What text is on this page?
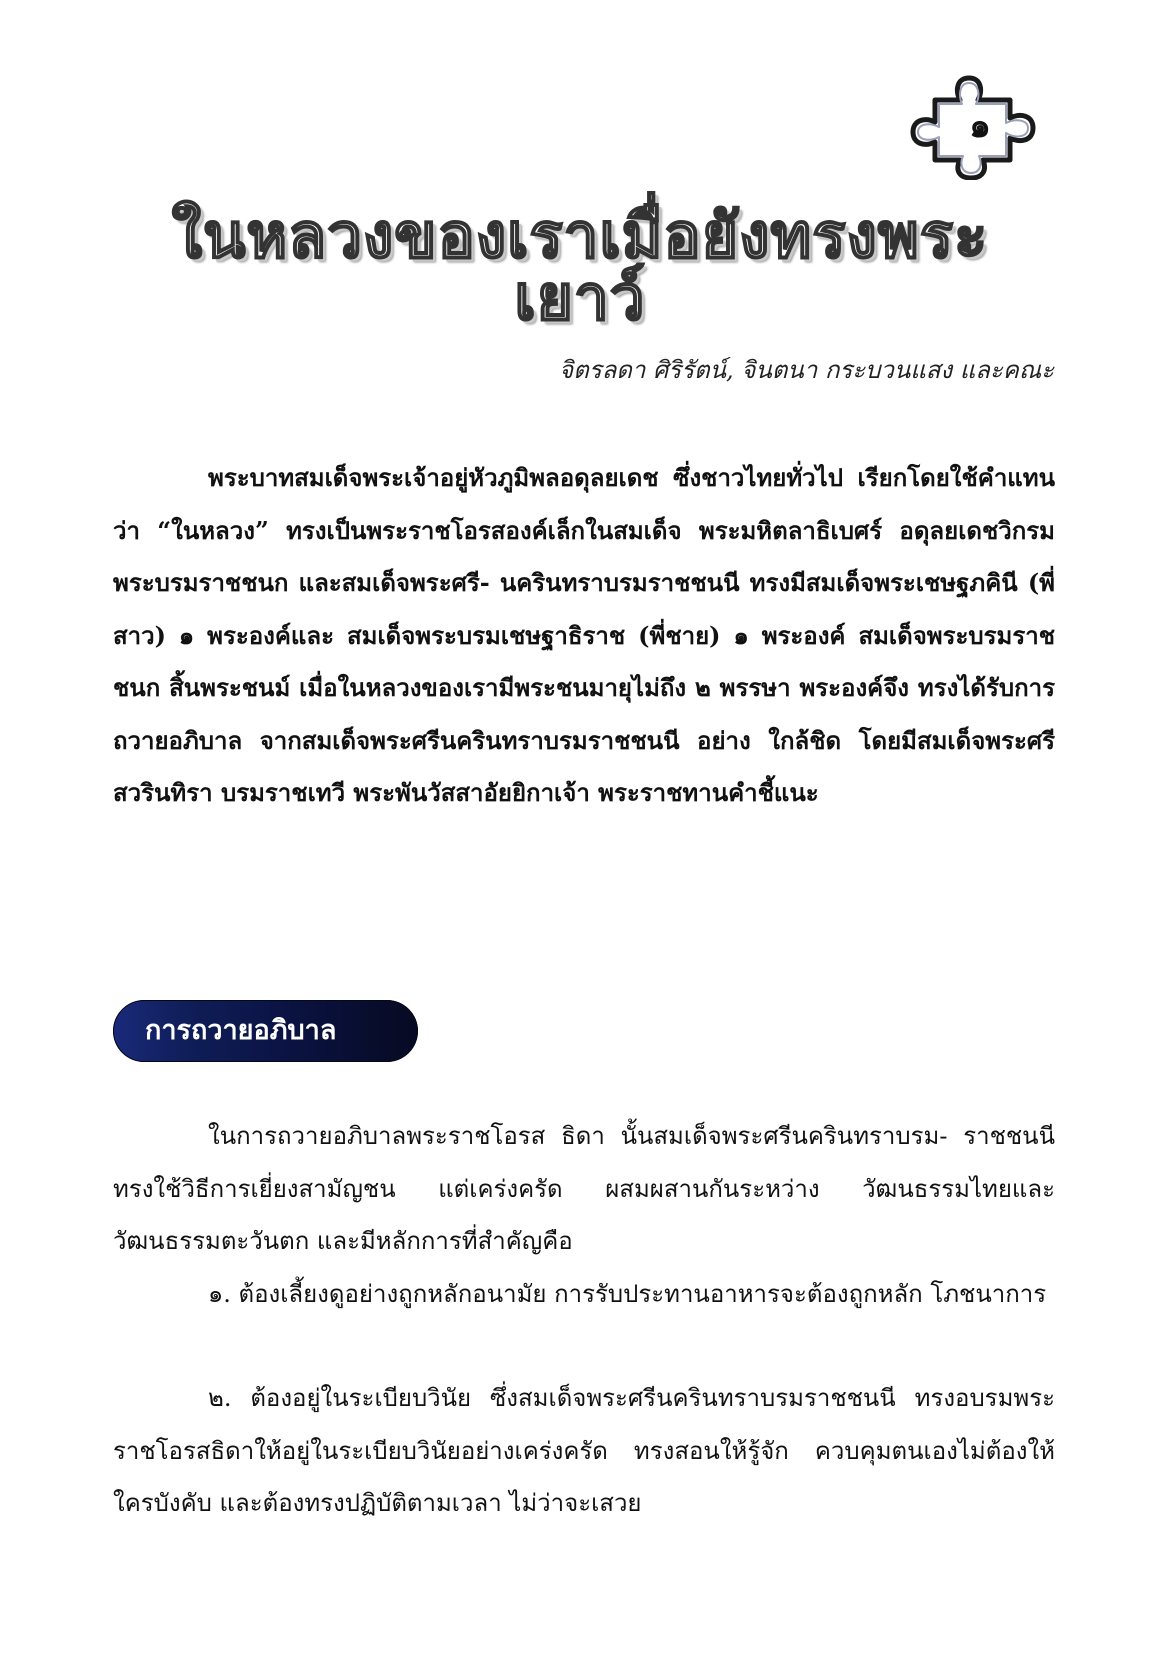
๑
ในหลวงของเราเมื่อยังทรงพระเยาว์
จิตรลดา ศิริรัตน์, จินตนา กระบวนแสง และคณะ
พระบาทสมเด็จพระเจ้าอยู่หัวภูมิพลอดุลยเดช ซึ่งชาวไทยทั่วไป เรียกโดยใช้คำแทนว่า “ในหลวง” ทรงเป็นพระราชโอรสองค์เล็กในสมเด็จ พระมหิตลาธิเบศร์ อดุลยเดชวิกรม พระบรมราชชนก และสมเด็จพระศรี- นครินทราบรมราชชนนี ทรงมีสมเด็จพระเชษฐภคินี (พี่สาว) ๑ พระองค์และ สมเด็จพระบรมเชษฐาธิราช (พี่ชาย) ๑ พระองค์ สมเด็จพระบรมราชชนก สิ้นพระชนม์ เมื่อในหลวงของเรามีพระชนมายุไม่ถึง ๒ พรรษา พระองค์จึง ทรงได้รับการถวายอภิบาล จากสมเด็จพระศรีนครินทราบรมราชชนนี อย่าง ใกล้ชิด โดยมีสมเด็จพระศรีสวรินทิรา บรมราชเทวี พระพันวัสสาอัยยิกาเจ้า พระราชทานคำชี้แนะ
การถวายอภิบาล
ในการถวายอภิบาลพระราชโอรส ธิดา นั้นสมเด็จพระศรีนครินทราบรม- ราชชนนี ทรงใช้วิธีการเยี่ยงสามัญชน แต่เคร่งครัด ผสมผสานกันระหว่าง วัฒนธรรมไทยและวัฒนธรรมตะวันตก และมีหลักการที่สำคัญคือ
๑. ต้องเลี้ยงดูอย่างถูกหลักอนามัย การรับประทานอาหารจะต้องถูกหลัก โภชนาการ
๒. ต้องอยู่ในระเบียบวินัย ซึ่งสมเด็จพระศรีนครินทราบรมราชชนนี ทรงอบรมพระราชโอรสธิดาให้อยู่ในระเบียบวินัยอย่างเคร่งครัด ทรงสอนให้รู้จัก ควบคุมตนเองไม่ต้องให้ใครบังคับ และต้องทรงปฏิบัติตามเวลา ไม่ว่าจะเสวย
